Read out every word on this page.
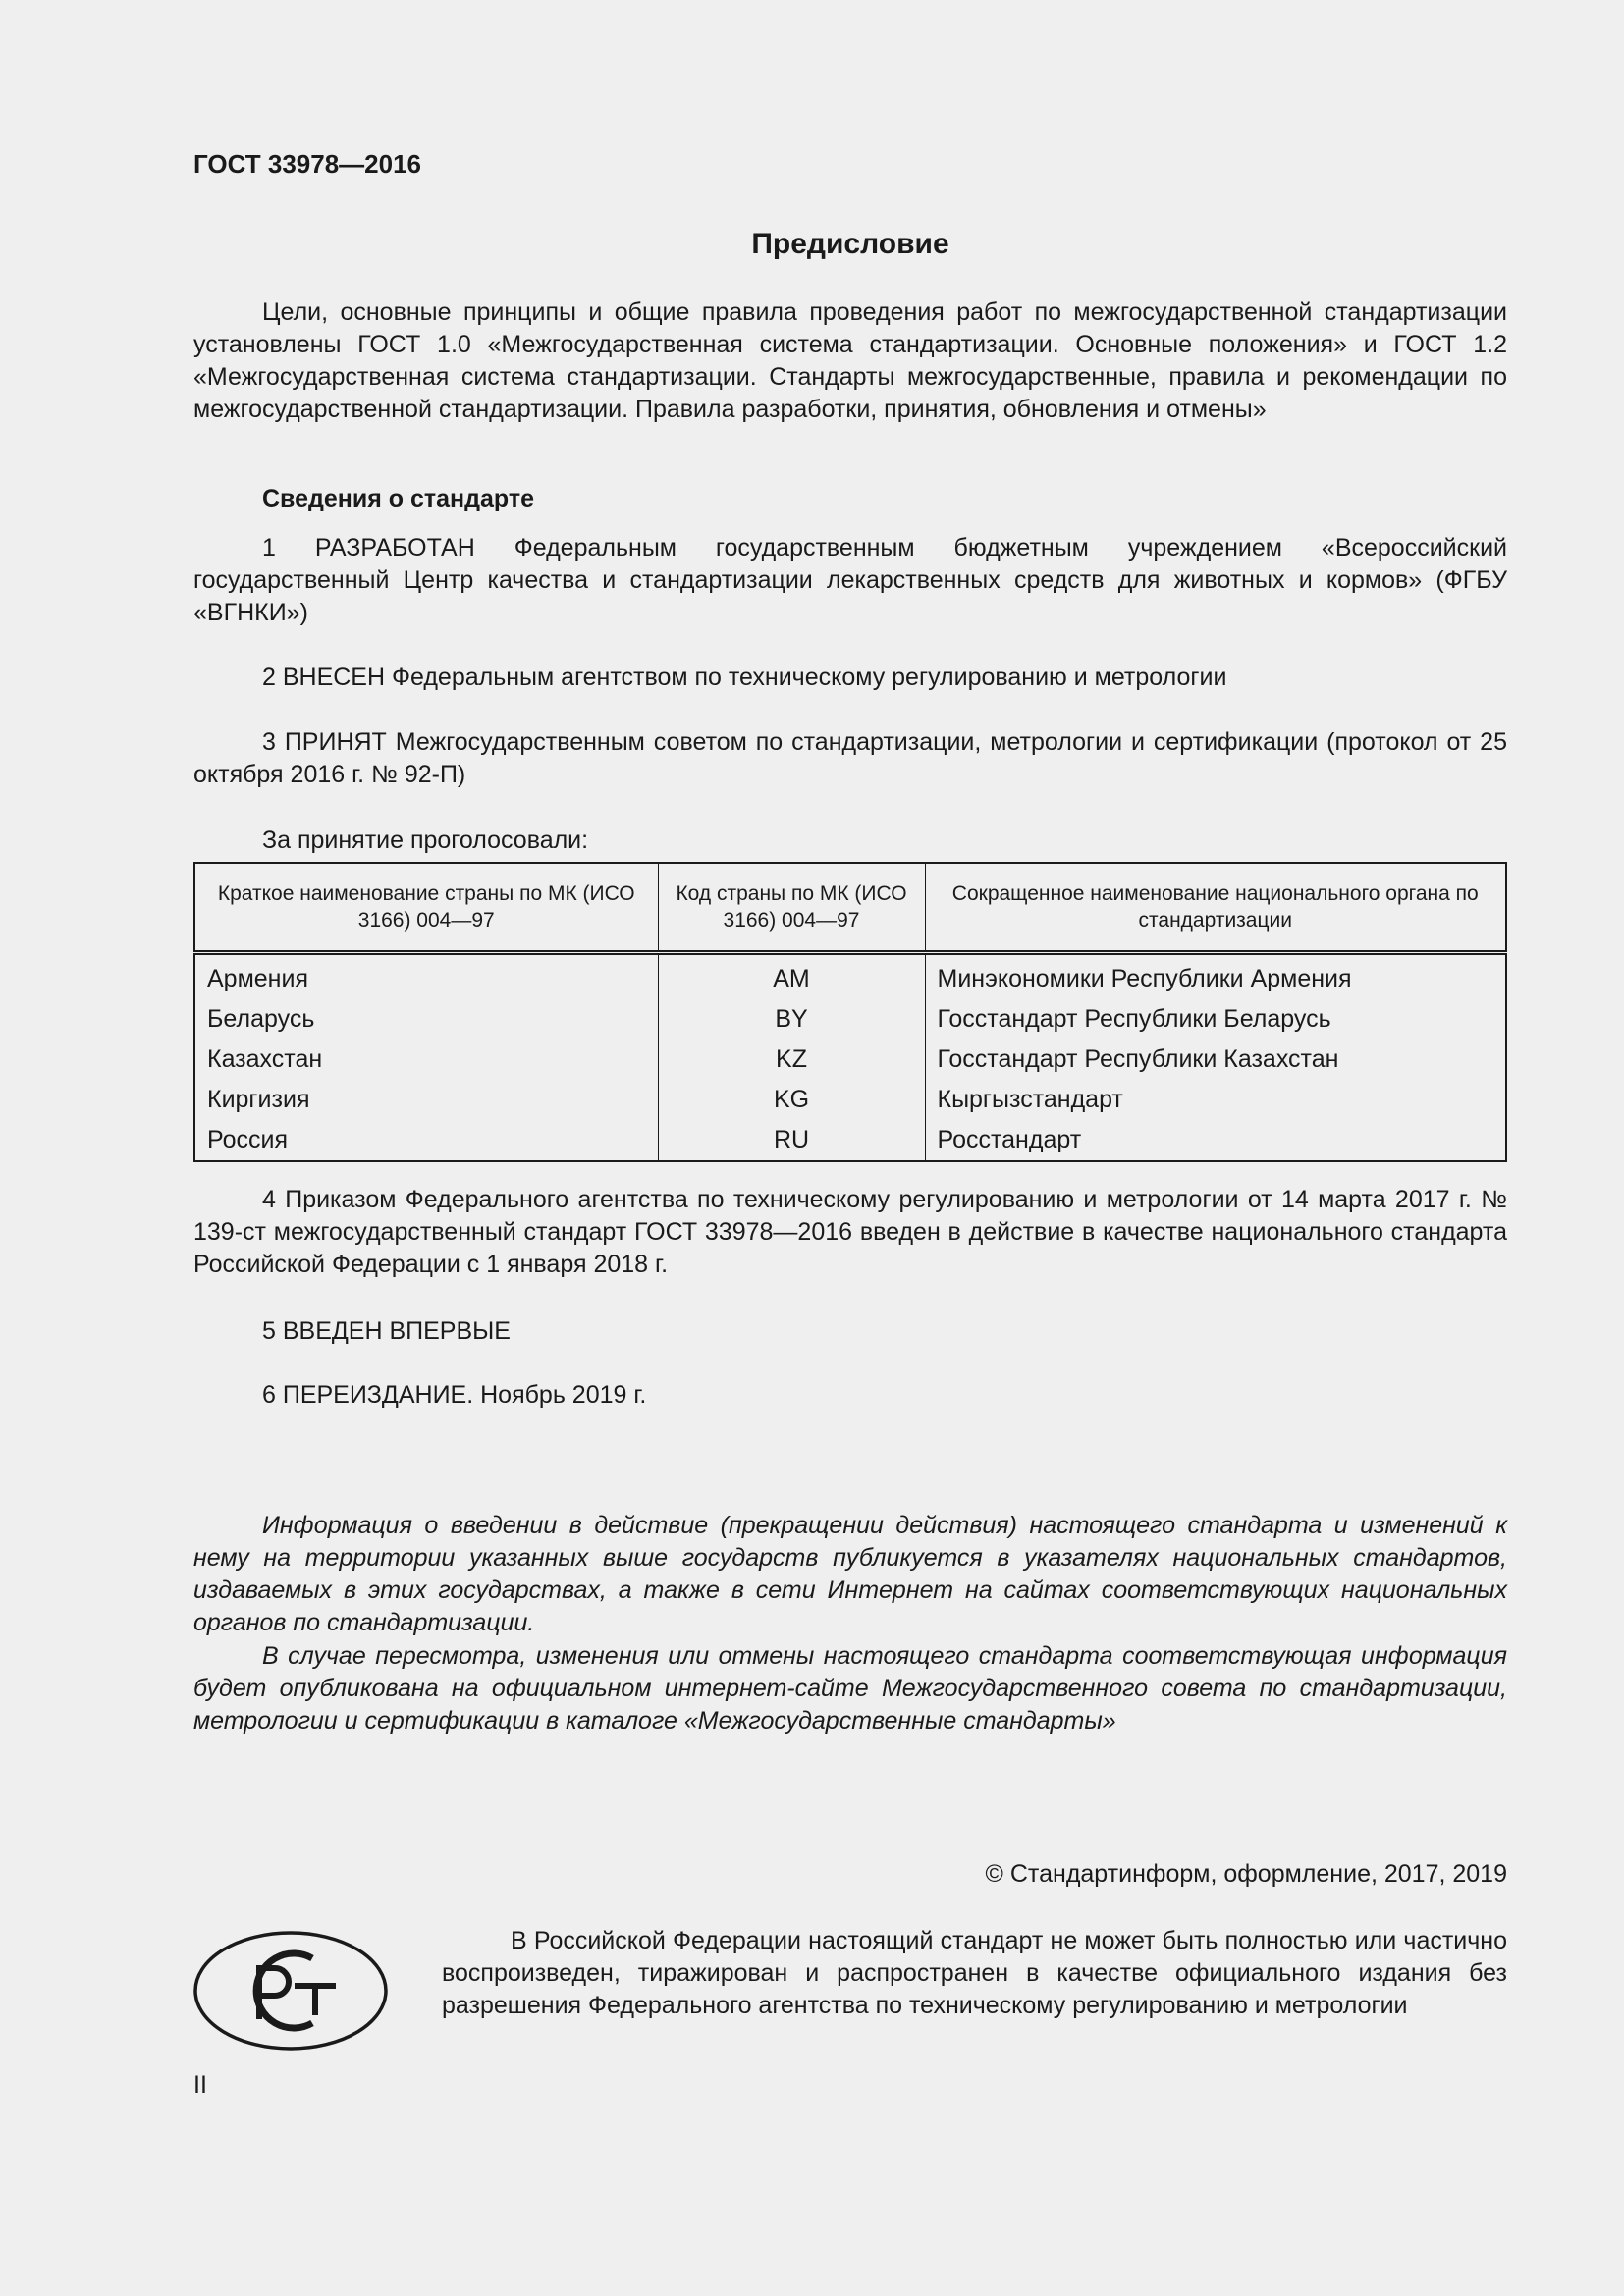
ГОСТ 33978—2016
Предисловие

Цели, основные принципы и общие правила проведения работ по межгосударственной стандартизации установлены ГОСТ 1.0 «Межгосударственная система стандартизации. Основные положения» и ГОСТ 1.2 «Межгосударственная система стандартизации. Стандарты межгосударственные, правила и рекомендации по межгосударственной стандартизации. Правила разработки, принятия, обновления и отмены»

Сведения о стандарте

1 РАЗРАБОТАН Федеральным государственным бюджетным учреждением «Всероссийский государственный Центр качества и стандартизации лекарственных средств для животных и кормов» (ФГБУ «ВГНКИ»)

2 ВНЕСЕН Федеральным агентством по техническому регулированию и метрологии

3 ПРИНЯТ Межгосударственным советом по стандартизации, метрологии и сертификации (протокол от 25 октября 2016 г. № 92-П)

За принятие проголосовали:

Краткое наименование страны по МК (ИСО 3166) 004—97	Код страны по МК (ИСО 3166) 004—97	Сокращенное наименование национального органа по стандартизации
Армения	AM	Минэкономики Республики Армения
Беларусь	BY	Госстандарт Республики Беларусь
Казахстан	KZ	Госстандарт Республики Казахстан
Киргизия	KG	Кыргызстандарт
Россия	RU	Росстандарт

4 Приказом Федерального агентства по техническому регулированию и метрологии от 14 марта 2017 г. № 139-ст межгосударственный стандарт ГОСТ 33978—2016 введен в действие в качестве национального стандарта Российской Федерации с 1 января 2018 г.

5 ВВЕДЕН ВПЕРВЫЕ

6 ПЕРЕИЗДАНИЕ. Ноябрь 2019 г.

Информация о введении в действие (прекращении действия) настоящего стандарта и изменений к нему на территории указанных выше государств публикуется в указателях национальных стандартов, издаваемых в этих государствах, а также в сети Интернет на сайтах соответствующих национальных органов по стандартизации.

В случае пересмотра, изменения или отмены настоящего стандарта соответствующая информация будет опубликована на официальном интернет-сайте Межгосударственного совета по стандартизации, метрологии и сертификации в каталоге «Межгосударственные стандарты»

© Стандартинформ, оформление, 2017, 2019

В Российской Федерации настоящий стандарт не может быть полностью или частично воспроизведен, тиражирован и распространен в качестве официального издания без разрешения Федерального агентства по техническому регулированию и метрологии

II
